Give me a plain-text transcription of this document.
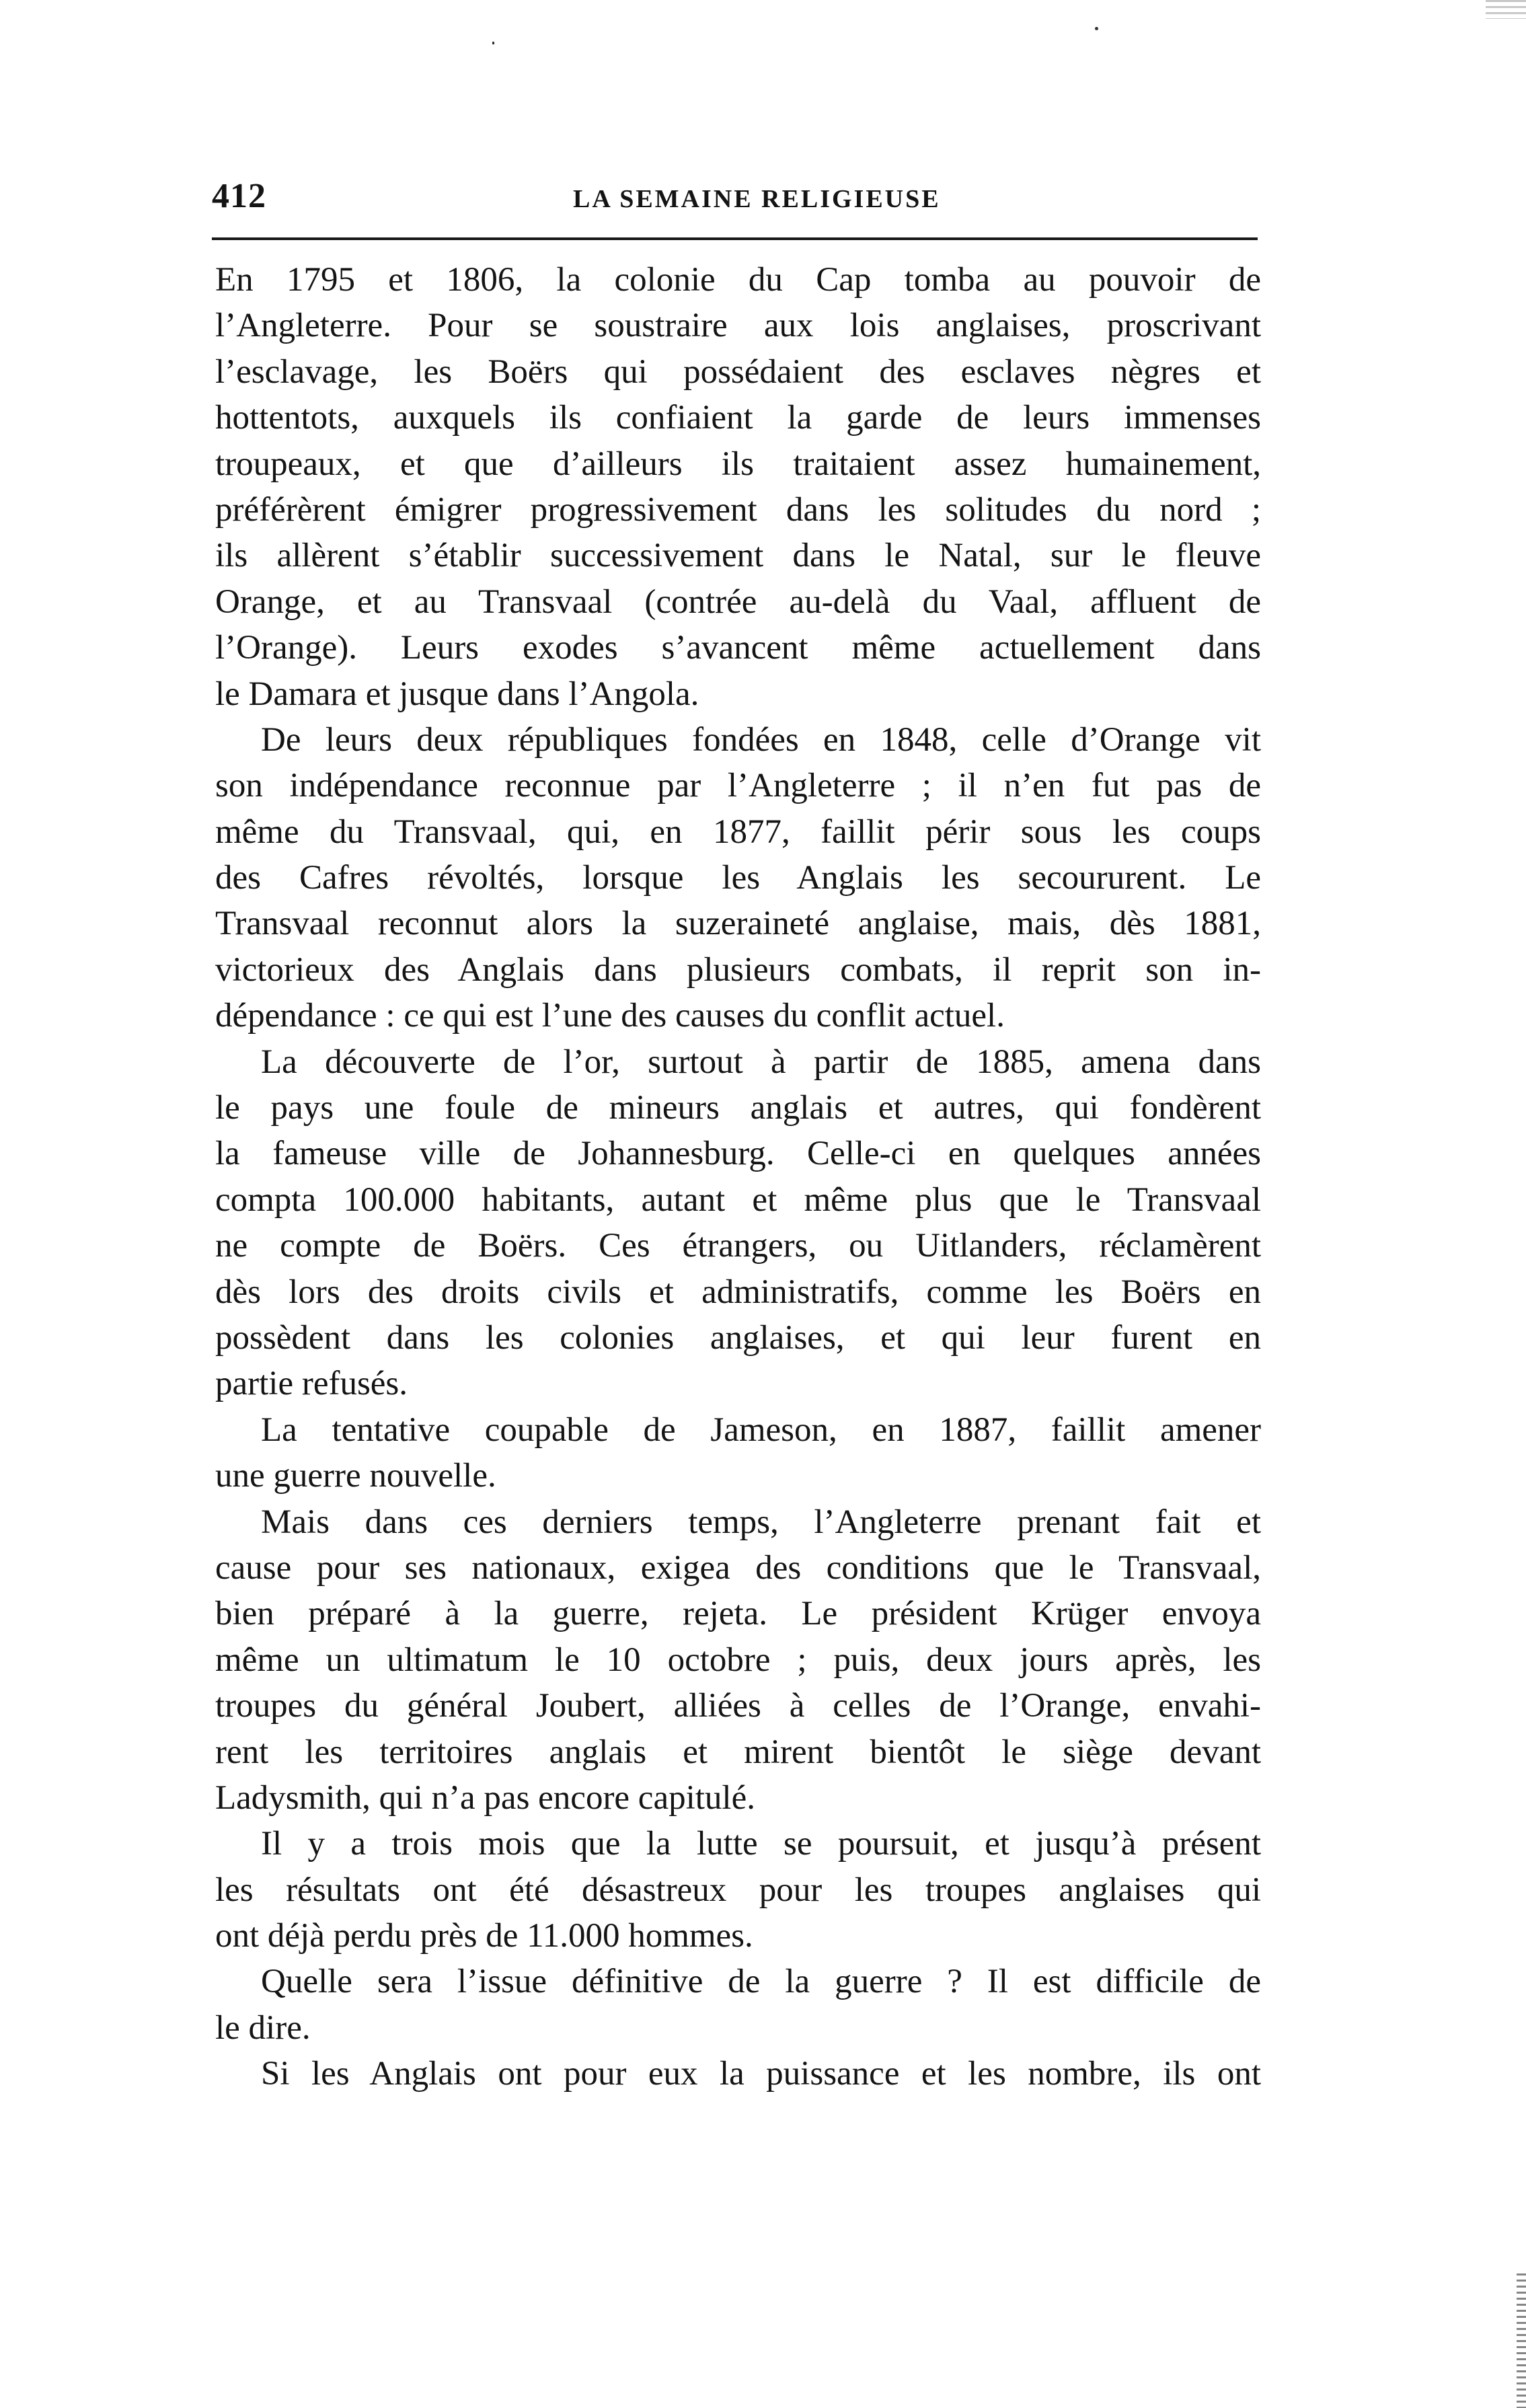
412	LA SEMAINE RELIGIEUSE
En 1795 et 1806, la colonie du Cap tomba au pouvoir de
l’Angleterre. Pour se soustraire aux lois anglaises, proscrivant
l’esclavage, les Boërs qui possédaient des esclaves nègres et
hottentots, auxquels ils confiaient la garde de leurs immenses
troupeaux, et que d’ailleurs ils traitaient assez humainement,
préférèrent émigrer progressivement dans les solitudes du nord ;
ils allèrent s’établir successivement dans le Natal, sur le fleuve
Orange, et au Transvaal (contrée au-delà du Vaal, affluent de
l’Orange). Leurs exodes s’avancent même actuellement dans
le Damara et jusque dans l’Angola.
De leurs deux républiques fondées en 1848, celle d’Orange vit
son indépendance reconnue par l’Angleterre ; il n’en fut pas de
même du Transvaal, qui, en 1877, faillit périr sous les coups
des Cafres révoltés, lorsque les Anglais les secoururent. Le
Transvaal reconnut alors la suzeraineté anglaise, mais, dès 1881,
victorieux des Anglais dans plusieurs combats, il reprit son in-
dépendance : ce qui est l’une des causes du conflit actuel.
La découverte de l’or, surtout à partir de 1885, amena dans
le pays une foule de mineurs anglais et autres, qui fondèrent
la fameuse ville de Johannesburg. Celle-ci en quelques années
compta 100.000 habitants, autant et même plus que le Transvaal
ne compte de Boërs. Ces étrangers, ou Uitlanders, réclamèrent
dès lors des droits civils et administratifs, comme les Boërs en
possèdent dans les colonies anglaises, et qui leur furent en
partie refusés.
La tentative coupable de Jameson, en 1887, faillit amener
une guerre nouvelle.
Mais dans ces derniers temps, l’Angleterre prenant fait et
cause pour ses nationaux, exigea des conditions que le Transvaal,
bien préparé à la guerre, rejeta. Le président Krüger envoya
même un ultimatum le 10 octobre ; puis, deux jours après, les
troupes du général Joubert, alliées à celles de l’Orange, envahi-
rent les territoires anglais et mirent bientôt le siège devant
Ladysmith, qui n’a pas encore capitulé.
Il y a trois mois que la lutte se poursuit, et jusqu’à présent
les résultats ont été désastreux pour les troupes anglaises qui
ont déjà perdu près de 11.000 hommes.
Quelle sera l’issue définitive de la guerre ? Il est difficile de
le dire.
Si les Anglais ont pour eux la puissance et les nombre, ils ont
